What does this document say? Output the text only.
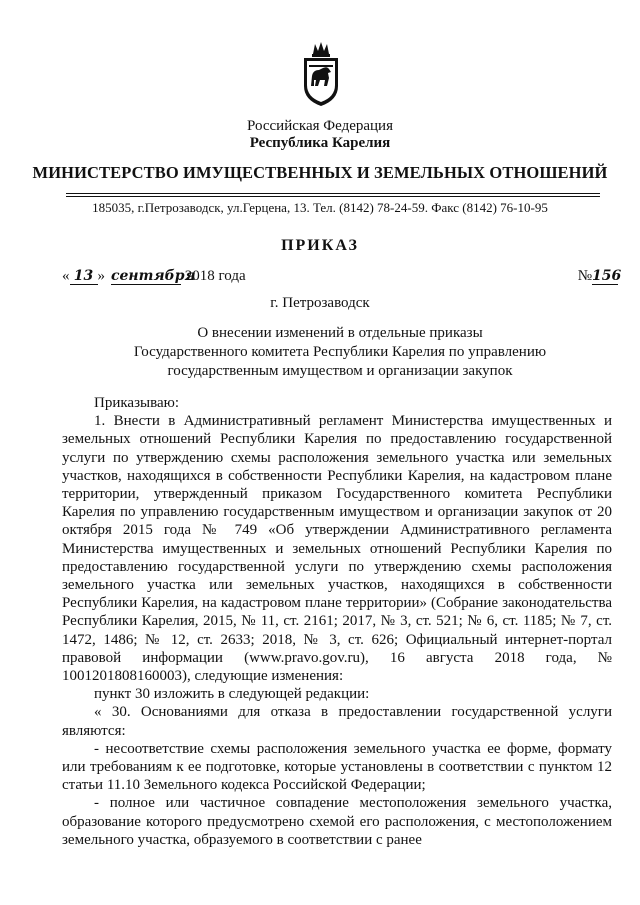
Российская Федерация
Республика Карелия
МИНИСТЕРСТВО ИМУЩЕСТВЕННЫХ И ЗЕМЕЛЬНЫХ ОТНОШЕНИЙ
185035, г.Петрозаводск, ул.Герцена, 13. Тел. (8142) 78-24-59. Факс (8142) 76-10-95
ПРИКАЗ
« 13 » сентября 2018 года	№156
г. Петрозаводск
О внесении изменений в отдельные приказы
Государственного комитета Республики Карелия по управлению
государственным имуществом и организации закупок

Приказываю:

1. Внести в Административный регламент Министерства имущественных и земельных отношений Республики Карелия по предоставлению государственной услуги по утверждению схемы расположения земельного участка или земельных участков, находящихся в собственности Республики Карелия, на кадастровом плане территории, утвержденный приказом Государственного комитета Республики Карелия по управлению государственным имуществом и организации закупок от 20 октября 2015 года № 749 «Об утверждении Административного регламента Министерства имущественных и земельных отношений Республики Карелия по предоставлению государственной услуги по утверждению схемы расположения земельного участка или земельных участков, находящихся в собственности Республики Карелия, на кадастровом плане территории» (Собрание законодательства Республики Карелия, 2015, № 11, ст. 2161; 2017, № 3, ст. 521; № 6, ст. 1185; № 7, ст. 1472, 1486; № 12, ст. 2633; 2018, № 3, ст. 626; Официальный интернет-портал правовой информации (www.pravo.gov.ru), 16 августа 2018 года, № 1001201808160003), следующие изменения:

пункт 30 изложить в следующей редакции:

« 30. Основаниями для отказа в предоставлении государственной услуги являются:

- несоответствие схемы расположения земельного участка ее форме, формату или требованиям к ее подготовке, которые установлены в соответствии с пунктом 12 статьи 11.10 Земельного кодекса Российской Федерации;

- полное или частичное совпадение местоположения земельного участка, образование которого предусмотрено схемой его расположения, с местоположением земельного участка, образуемого в соответствии с ранее
